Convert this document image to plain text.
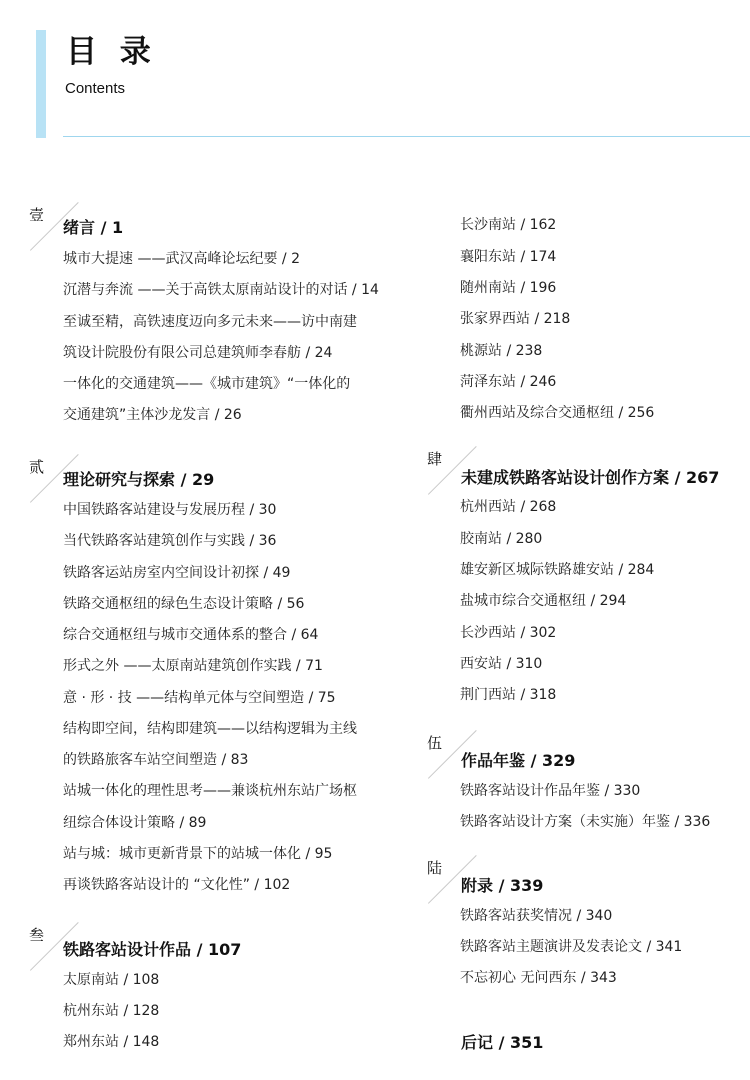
目 录
Contents
壹
绪言 / 1
城市大提速 ——武汉高峰论坛纪要 / 2
沉潜与奔流 ——关于高铁太原南站设计的对话 / 14
至诚至精，高铁速度迈向多元未来——访中南建
筑设计院股份有限公司总建筑师李春舫 / 24
一体化的交通建筑——《城市建筑》“一体化的
交通建筑”主体沙龙发言 / 26
贰
理论研究与探索 / 29
中国铁路客站建设与发展历程 / 30
当代铁路客站建筑创作与实践 / 36
铁路客运站房室内空间设计初探 / 49
铁路交通枢纽的绿色生态设计策略 / 56
综合交通枢纽与城市交通体系的整合 / 64
形式之外 ——太原南站建筑创作实践 / 71
意 · 形 · 技 ——结构单元体与空间塑造 / 75
结构即空间，结构即建筑——以结构逻辑为主线
的铁路旅客车站空间塑造 / 83
站城一体化的理性思考——兼谈杭州东站广场枢
纽综合体设计策略 / 89
站与城：城市更新背景下的站城一体化 / 95
再谈铁路客站设计的 “文化性” / 102
叁
铁路客站设计作品 / 107
太原南站 / 108
杭州东站 / 128
郑州东站 / 148
长沙南站 / 162
襄阳东站 / 174
随州南站 / 196
张家界西站 / 218
桃源站 / 238
菏泽东站 / 246
衢州西站及综合交通枢纽 / 256
肆
未建成铁路客站设计创作方案 / 267
杭州西站 / 268
胶南站 / 280
雄安新区城际铁路雄安站 / 284
盐城市综合交通枢纽 / 294
长沙西站 / 302
西安站 / 310
荆门西站 / 318
伍
作品年鉴 / 329
铁路客站设计作品年鉴 / 330
铁路客站设计方案（未实施）年鉴 / 336
陆
附录 / 339
铁路客站获奖情况 / 340
铁路客站主题演讲及发表论文 / 341
不忘初心 无问西东 / 343
后记 / 351
